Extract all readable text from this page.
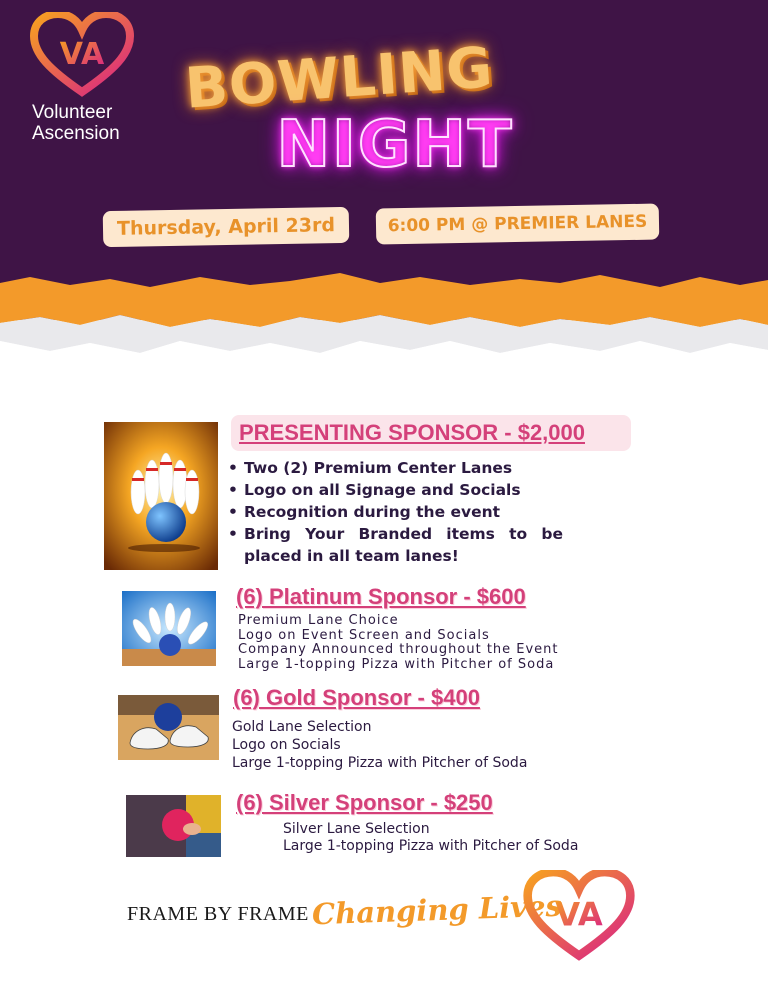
VA
Volunteer
Ascension
BOWLING
NIGHT
Thursday, April 23rd	6:00 PM @ PREMIER LANES
PRESENTING SPONSOR - $2,000
• Two (2) Premium Center Lanes
• Logo on all Signage and Socials
• Recognition during the event
• Bring Your Branded items to be placed in all team lanes!
(6) Platinum Sponsor - $600
Premium Lane Choice
Logo on Event Screen and Socials
Company Announced throughout the Event
Large 1-topping Pizza with Pitcher of Soda
(6) Gold Sponsor - $400
Gold Lane Selection
Logo on Socials
Large 1-topping Pizza with Pitcher of Soda
(6) Silver Sponsor - $250
Silver Lane Selection
Large 1-topping Pizza with Pitcher of Soda
FRAME BY FRAME Changing Lives
VA
